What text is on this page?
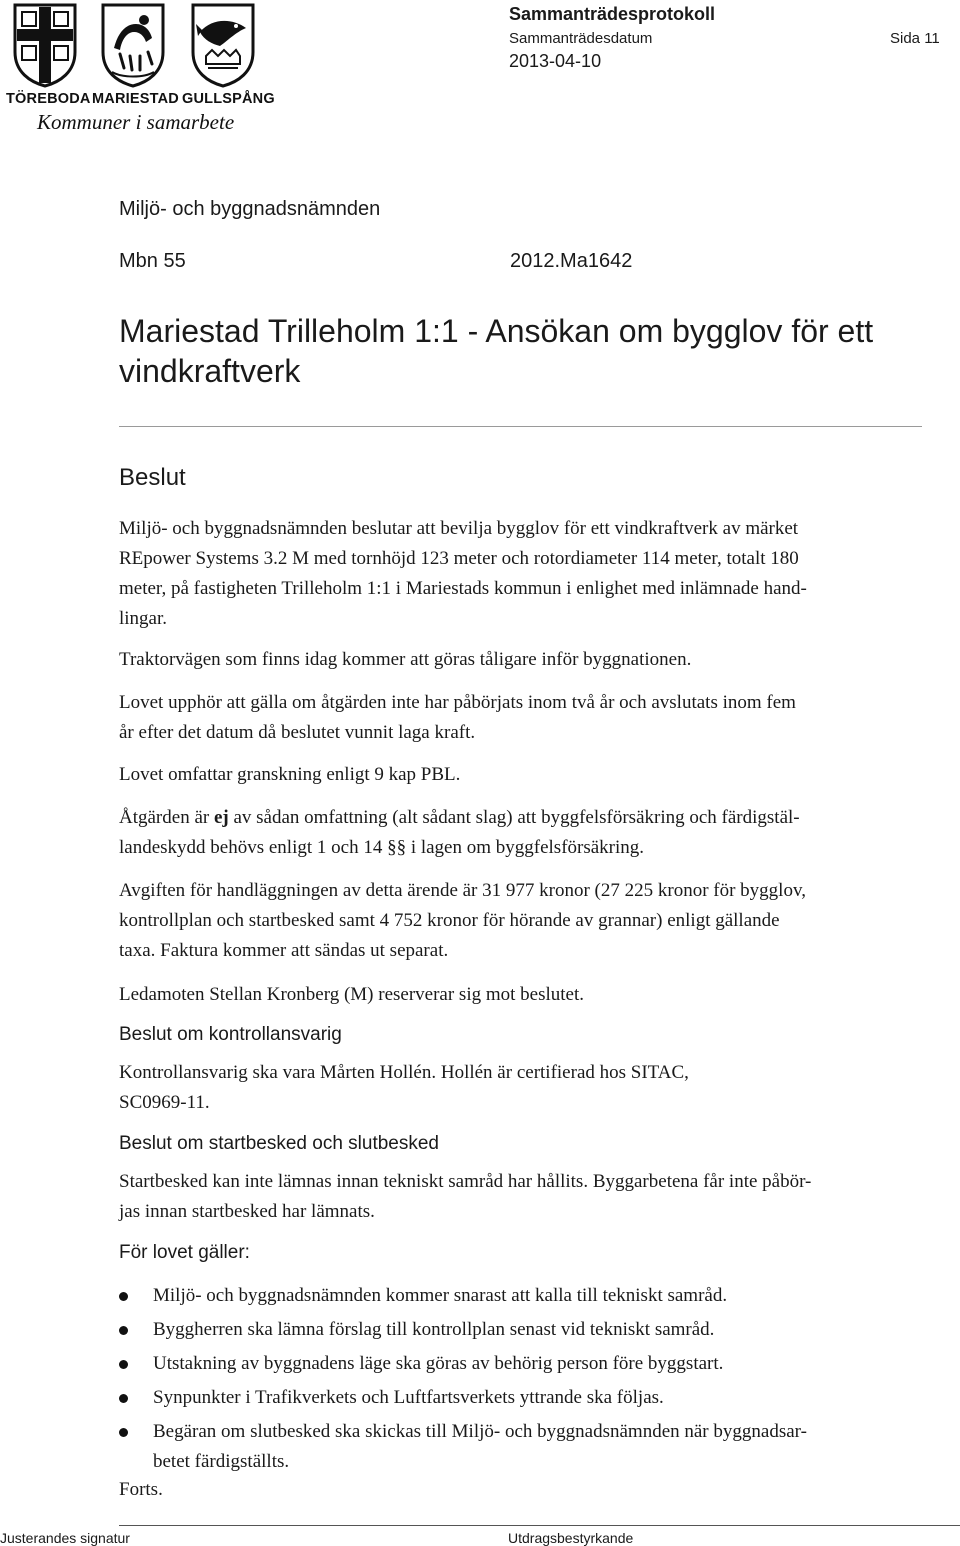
TÖREBODA MARIESTAD GULLSPÅNG
Kommuner i samarbete
Sammanträdesprotokoll
Sammanträdesdatum	Sida 11
2013-04-10
Miljö- och byggnadsnämnden
Mbn 55	2012.Ma1642
Mariestad Trilleholm 1:1 - Ansökan om bygglov för ett
vindkraftverk
Beslut

Miljö- och byggnadsnämnden beslutar att bevilja bygglov för ett vindkraftverk av märket
REpower Systems 3.2 M med tornhöjd 123 meter och rotordiameter 114 meter, totalt 180
meter, på fastigheten Trilleholm 1:1 i Mariestads kommun i enlighet med inlämnade hand-
lingar.

Traktorvägen som finns idag kommer att göras tåligare inför byggnationen.

Lovet upphör att gälla om åtgärden inte har påbörjats inom två år och avslutats inom fem
år efter det datum då beslutet vunnit laga kraft.

Lovet omfattar granskning enligt 9 kap PBL.

Åtgärden är ej av sådan omfattning (alt sådant slag) att byggfelsförsäkring och färdigstäl-
landeskydd behövs enligt 1 och 14 §§ i lagen om byggfelsförsäkring.

Avgiften för handläggningen av detta ärende är 31 977 kronor (27 225 kronor för bygglov,
kontrollplan och startbesked samt 4 752 kronor för hörande av grannar) enligt gällande
taxa. Faktura kommer att sändas ut separat.

Ledamoten Stellan Kronberg (M) reserverar sig mot beslutet.

Beslut om kontrollansvarig

Kontrollansvarig ska vara Mårten Hollén. Hollén är certifierad hos SITAC,
SC0969-11.

Beslut om startbesked och slutbesked

Startbesked kan inte lämnas innan tekniskt samråd har hållits. Byggarbetena får inte påbör-
jas innan startbesked har lämnats.

För lovet gäller:
Miljö- och byggnadsnämnden kommer snarast att kalla till tekniskt samråd.
Byggherren ska lämna förslag till kontrollplan senast vid tekniskt samråd.
Utstakning av byggnadens läge ska göras av behörig person före byggstart.
Synpunkter i Trafikverkets och Luftfartsverkets yttrande ska följas.
Begäran om slutbesked ska skickas till Miljö- och byggnadsnämnden när byggnadsar-
betet färdigställts.
Forts.
Justerandes signatur	Utdragsbestyrkande
